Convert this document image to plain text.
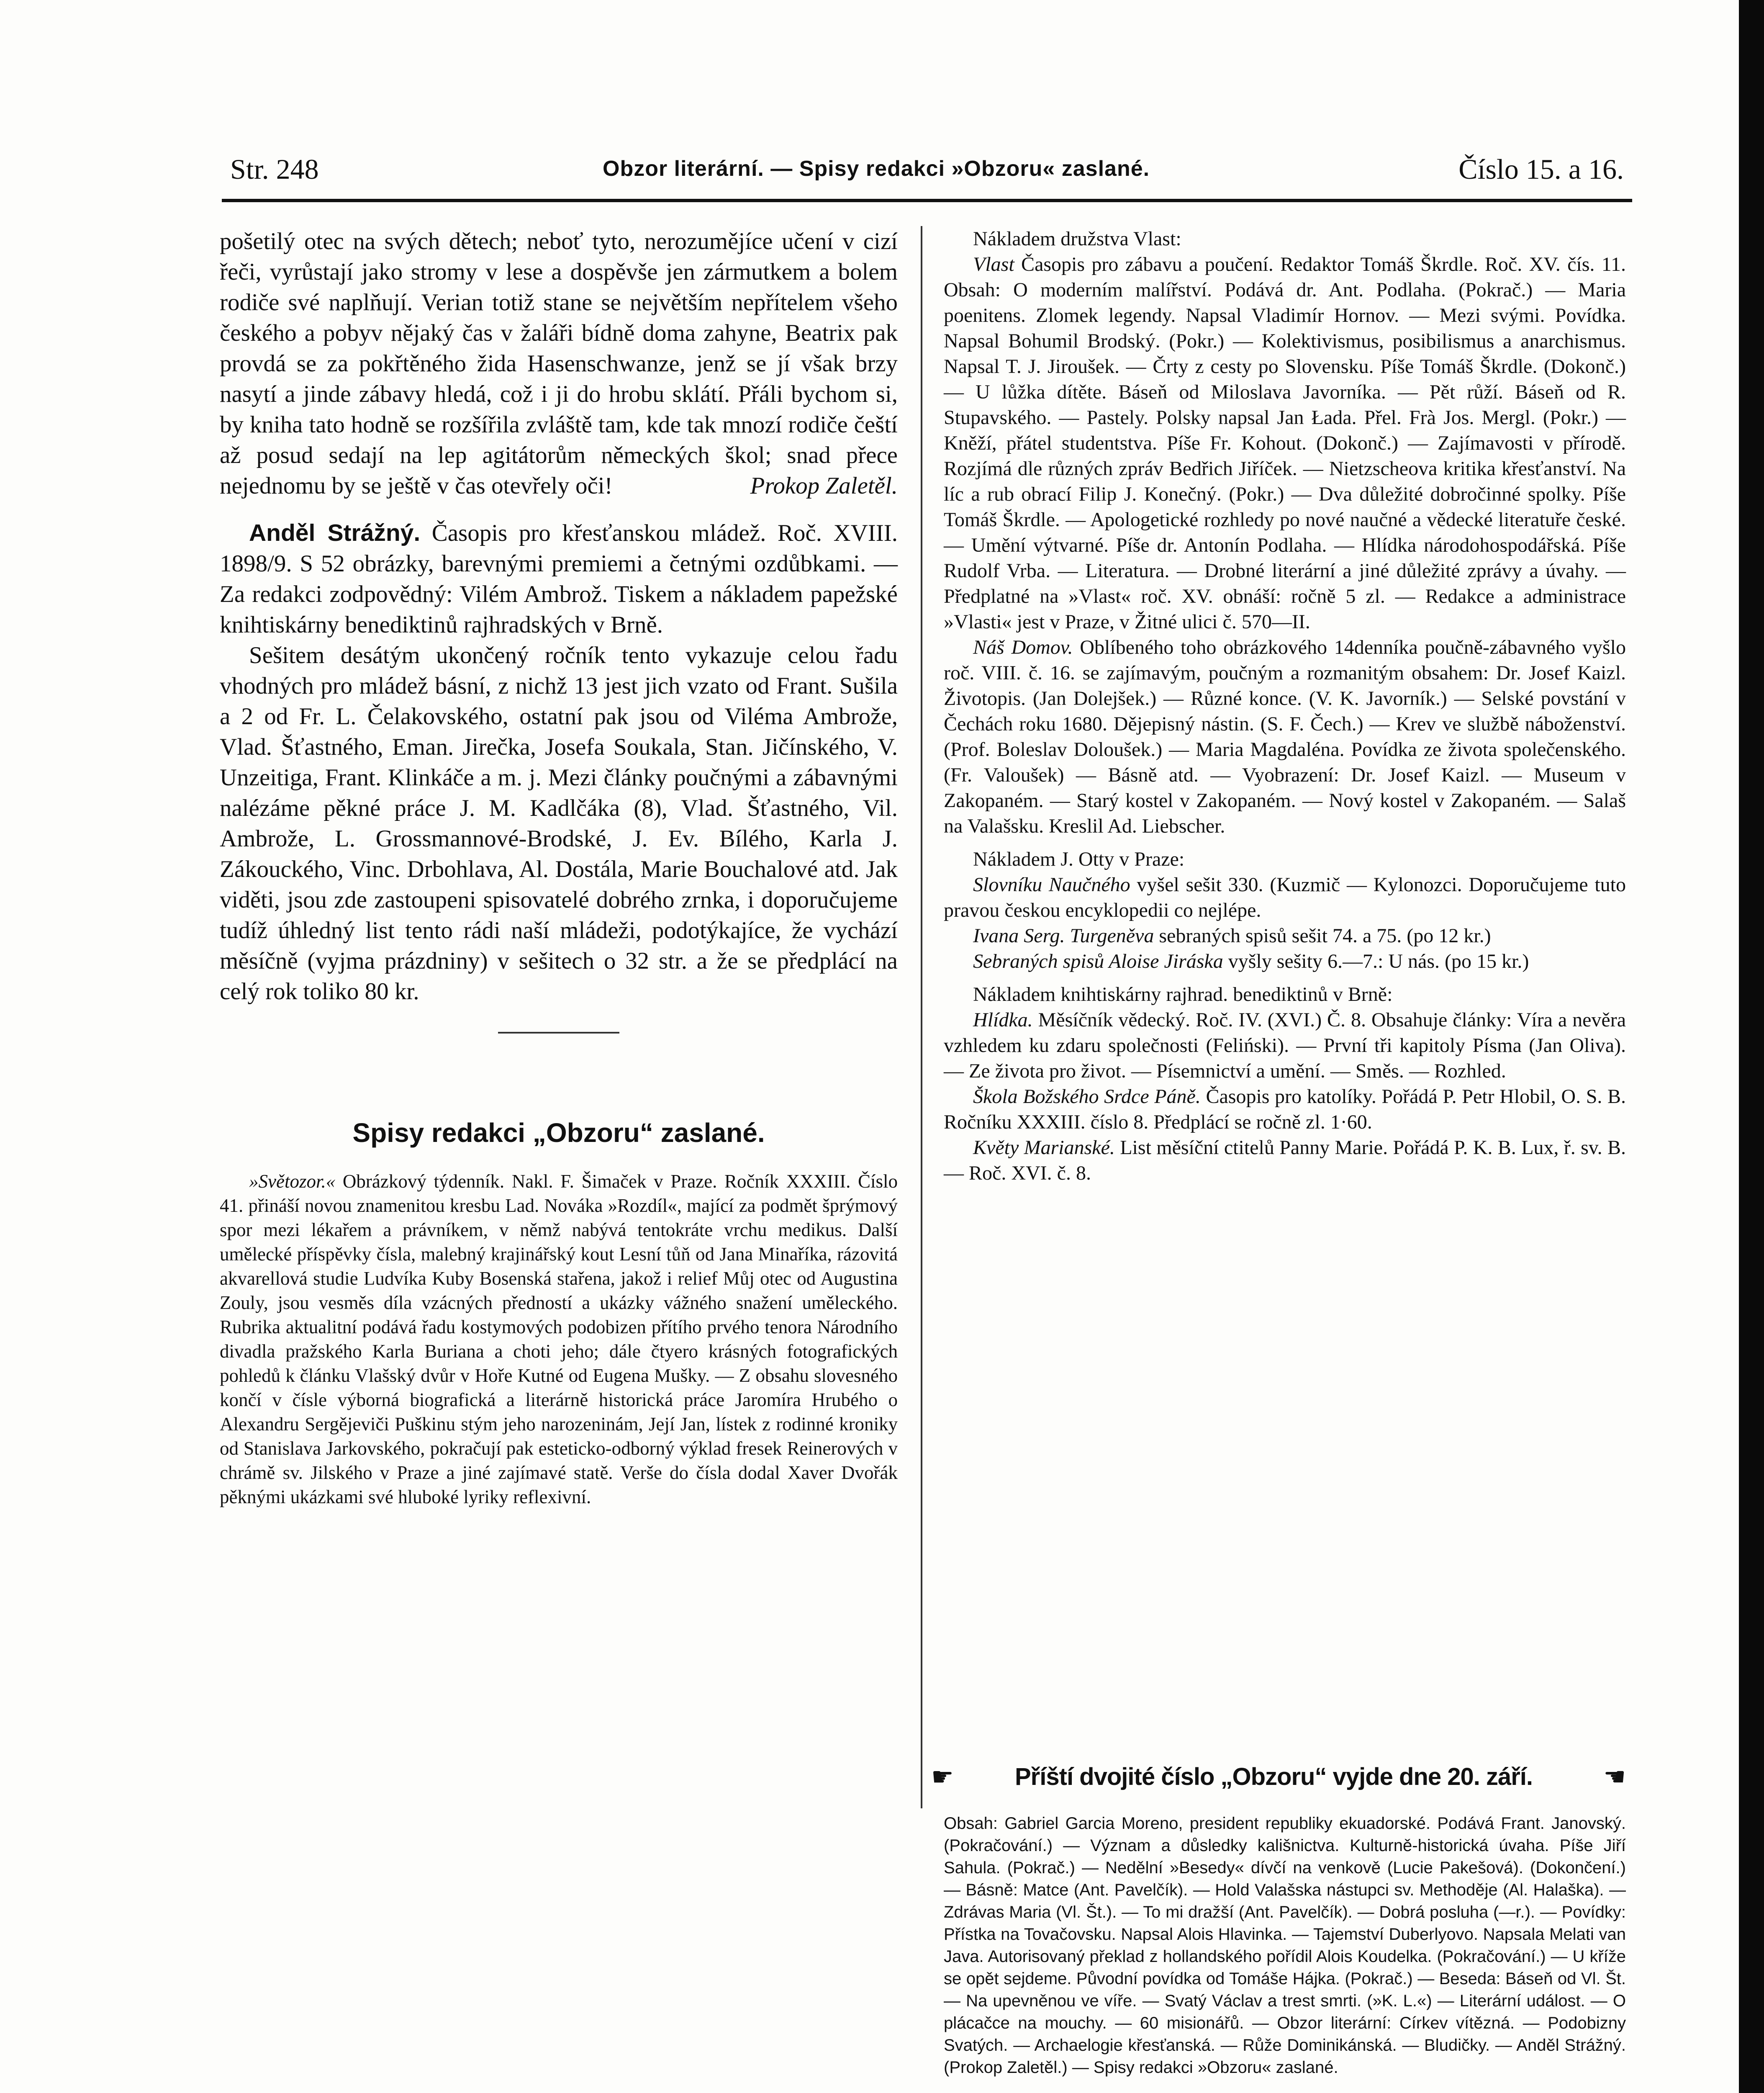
Str. 248	Obzor literární. — Spisy redakci »Obzoru« zaslané.	Číslo 15. a 16.

pošetilý otec na svých dětech; neboť tyto, nerozumějíce učení v cizí řeči, vyrůstají jako stromy v lese a dospěvše jen zármutkem a bolem rodiče své naplňují. Verian totiž stane se největším nepřítelem všeho českého a pobyv nějaký čas v žaláři bídně doma zahyne, Beatrix pak provdá se za pokřtěného žida Hasenschwanze, jenž se jí však brzy nasytí a jinde zábavy hledá, což i ji do hrobu sklátí. Přáli bychom si, by kniha tato hodně se rozšířila zvláště tam, kde tak mnozí rodiče čeští až posud sedají na lep agitátorům německých škol; snad přece nejednomu by se ještě v čas otevřely oči!	Prokop Zaletěl.

Anděl Strážný. Časopis pro křesťanskou mládež. Roč. XVIII. 1898/9. S 52 obrázky, barevnými premiemi a četnými ozdůbkami. — Za redakci zodpovědný: Vilém Ambrož. Tiskem a nákladem papežské knihtiskárny benediktinů rajhradských v Brně.

Sešitem desátým ukončený ročník tento vykazuje celou řadu vhodných pro mládež básní, z nichž 13 jest jich vzato od Frant. Sušila a 2 od Fr. L. Čelakovského, ostatní pak jsou od Viléma Ambrože, Vlad. Šťastného, Eman. Jirečka, Josefa Soukala, Stan. Jičínského, V. Unzeitiga, Frant. Klinkáče a m. j. Mezi články poučnými a zábavnými nalézáme pěkné práce J. M. Kadlčáka (8), Vlad. Šťastného, Vil. Ambrože, L. Grossmannové-Brodské, J. Ev. Bílého, Karla J. Zákouckého, Vinc. Drbohlava, Al. Dostála, Marie Bouchalové atd. Jak viděti, jsou zde zastoupeni spisovatelé dobrého zrnka, i doporučujeme tudíž úhledný list tento rádi naší mládeži, podotýkajíce, že vychází měsíčně (vyjma prázdniny) v sešitech o 32 str. a že se předplácí na celý rok toliko 80 kr.

Spisy redakci „Obzoru“ zaslané.

»Světozor.« Obrázkový týdenník. Nakl. F. Šimaček v Praze. Ročník XXXIII. Číslo 41. přináší novou znamenitou kresbu Lad. Nováka »Rozdíl«, mající za podmět šprýmový spor mezi lékařem a právníkem, v němž nabývá tentokráte vrchu medikus. Další umělecké příspěvky čísla, malebný krajinářský kout Lesní tůň od Jana Minaříka, rázovitá akvarellová studie Ludvíka Kuby Bosenská stařena, jakož i relief Můj otec od Augustina Zouly, jsou vesměs díla vzácných předností a ukázky vážného snažení uměleckého. Rubrika aktualitní podává řadu kostymových podobizen přítího prvého tenora Národního divadla pražského Karla Buriana a choti jeho; dále čtyero krásných fotografických pohledů k článku Vlašský dvůr v Hoře Kutné od Eugena Mušky. — Z obsahu slovesného končí v čísle výborná biografická a literárně historická práce Jaromíra Hrubého o Alexandru Sergějeviči Puškinu stým jeho narozeninám, Její Jan, lístek z rodinné kroniky od Stanislava Jarkovského, pokračují pak esteticko-odborný výklad fresek Reinerových v chrámě sv. Jilského v Praze a jiné zajímavé statě. Verše do čísla dodal Xaver Dvořák pěknými ukázkami své hluboké lyriky reflexivní.

Nákladem družstva Vlast:

Vlast Časopis pro zábavu a poučení. Redaktor Tomáš Škrdle. Roč. XV. čís. 11. Obsah: O moderním malířství. Podává dr. Ant. Podlaha. (Pokrač.) — Maria poenitens. Zlomek legendy. Napsal Vladimír Hornov. — Mezi svými. Povídka. Napsal Bohumil Brodský. (Pokr.) — Kolektivismus, posibilismus a anarchismus. Napsal T. J. Jiroušek. — Črty z cesty po Slovensku. Píše Tomáš Škrdle. (Dokonč.) — U lůžka dítěte. Báseň od Miloslava Javorníka. — Pět růží. Báseň od R. Stupavského. — Pastely. Polsky napsal Jan Łada. Přel. Frà Jos. Mergl. (Pokr.) — Kněží, přátel studentstva. Píše Fr. Kohout. (Dokonč.) — Zajímavosti v přírodě. Rozjímá dle různých zpráv Bedřich Jiříček. — Nietzscheova kritika křesťanství. Na líc a rub obrací Filip J. Konečný. (Pokr.) — Dva důležité dobročinné spolky. Píše Tomáš Škrdle. — Apologetické rozhledy po nové naučné a vědecké literatuře české. — Umění výtvarné. Píše dr. Antonín Podlaha. — Hlídka národohospodářská. Píše Rudolf Vrba. — Literatura. — Drobné literární a jiné důležité zprávy a úvahy. — Předplatné na »Vlast« roč. XV. obnáší: ročně 5 zl. — Redakce a administrace »Vlasti« jest v Praze, v Žitné ulici č. 570—II.

Náš Domov. Oblíbeného toho obrázkového 14denníka poučně-zábavného vyšlo roč. VIII. č. 16. se zajímavým, poučným a rozmanitým obsahem: Dr. Josef Kaizl. Životopis. (Jan Dolejšek.) — Různé konce. (V. K. Javorník.) — Selské povstání v Čechách roku 1680. Dějepisný nástin. (S. F. Čech.) — Krev ve službě náboženství. (Prof. Boleslav Doloušek.) — Maria Magdaléna. Povídka ze života společenského. (Fr. Valoušek) — Básně atd. — Vyobrazení: Dr. Josef Kaizl. — Museum v Zakopaném. — Starý kostel v Zakopaném. — Nový kostel v Zakopaném. — Salaš na Valašsku. Kreslil Ad. Liebscher.

Nákladem J. Otty v Praze:

Slovníku Naučného vyšel sešit 330. (Kuzmič — Kylonozci. Doporučujeme tuto pravou českou encyklopedii co nejlépe.

Ivana Serg. Turgeněva sebraných spisů sešit 74. a 75. (po 12 kr.)

Sebraných spisů Aloise Jiráska vyšly sešity 6.—7.: U nás. (po 15 kr.)

Nákladem knihtiskárny rajhrad. benediktinů v Brně:

Hlídka. Měsíčník vědecký. Roč. IV. (XVI.) Č. 8. Obsahuje články: Víra a nevěra vzhledem ku zdaru společnosti (Feliński). — První tři kapitoly Písma (Jan Oliva). — Ze života pro život. — Písemnictví a umění. — Směs. — Rozhled.

Škola Božského Srdce Páně. Časopis pro katolíky. Pořádá P. Petr Hlobil, O. S. B. Ročníku XXXIII. číslo 8. Předplácí se ročně zl. 1·60.

Květy Marianské. List měsíční ctitelů Panny Marie. Pořádá P. K. B. Lux, ř. sv. B. — Roč. XVI. č. 8.

☛	Příští dvojité číslo „Obzoru“ vyjde dne 20. září.	☚

Obsah: Gabriel Garcia Moreno, president republiky ekuadorské. Podává Frant. Janovský. (Pokračování.) — Význam a důsledky kališnictva. Kulturně-historická úvaha. Píše Jiří Sahula. (Pokrač.) — Nedělní »Besedy« dívčí na venkově (Lucie Pakešová). (Dokončení.) — Básně: Matce (Ant. Pavelčík). — Hold Valašska nástupci sv. Methoděje (Al. Halaška). — Zdrávas Maria (Vl. Št.). — To mi dražší (Ant. Pavelčík). — Dobrá posluha (—r.). — Povídky: Přístka na Tovačovsku. Napsal Alois Hlavinka. — Tajemství Duberlyovo. Napsala Melati van Java. Autorisovaný překlad z hollandského pořídil Alois Koudelka. (Pokračování.) — U kříže se opět sejdeme. Původní povídka od Tomáše Hájka. (Pokrač.) — Beseda: Báseň od Vl. Št. — Na upevněnou ve víře. — Svatý Václav a trest smrti. (»K. L.«) — Literární událost. — O plácačce na mouchy. — 60 misionářů. — Obzor literární: Církev vítězná. — Podobizny Svatých. — Archaelogie křesťanská. — Růže Dominikánská. — Bludičky. — Anděl Strážný. (Prokop Zaletěl.) — Spisy redakci »Obzoru« zaslané.
